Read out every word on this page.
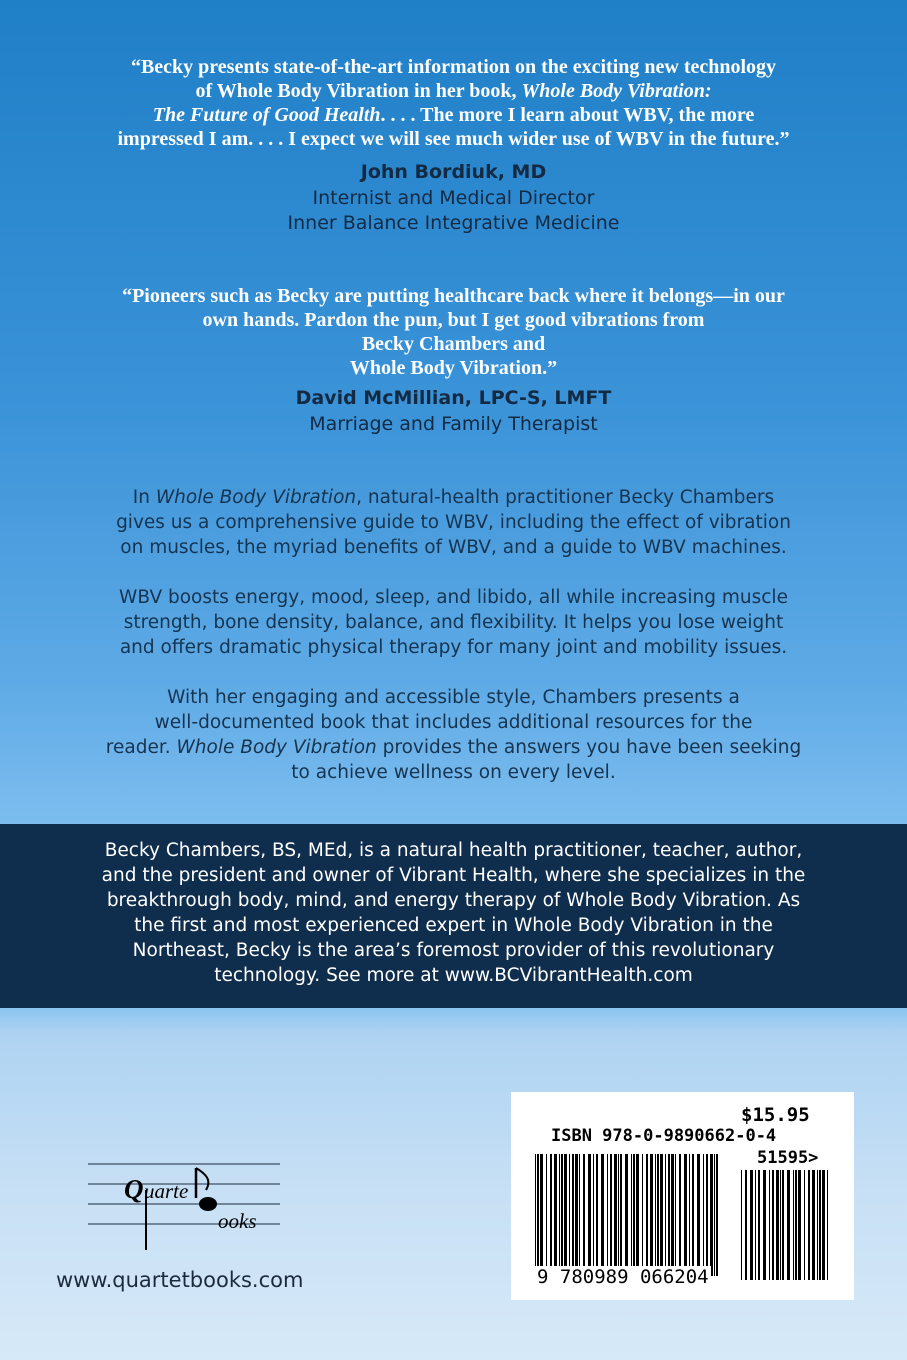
“Becky presents state-of-the-art information on the exciting new technology
of Whole Body Vibration in her book, Whole Body Vibration:
The Future of Good Health. . . . The more I learn about WBV, the more
impressed I am. . . . I expect we will see much wider use of WBV in the future.”
John Bordiuk, MD
Internist and Medical Director
Inner Balance Integrative Medicine
“Pioneers such as Becky are putting healthcare back where it belongs—in our
own hands. Pardon the pun, but I get good vibrations from
Becky Chambers and
Whole Body Vibration.”
David McMillian, LPC-S, LMFT
Marriage and Family Therapist
In Whole Body Vibration, natural-health practitioner Becky Chambers
gives us a comprehensive guide to WBV, including the effect of vibration
on muscles, the myriad benefits of WBV, and a guide to WBV machines.
WBV boosts energy, mood, sleep, and libido, all while increasing muscle
strength, bone density, balance, and flexibility. It helps you lose weight
and offers dramatic physical therapy for many joint and mobility issues.
With her engaging and accessible style, Chambers presents a
well-documented book that includes additional resources for the
reader. Whole Body Vibration provides the answers you have been seeking
to achieve wellness on every level.
Becky Chambers, BS, MEd, is a natural health practitioner, teacher, author,
and the president and owner of Vibrant Health, where she specializes in the
breakthrough body, mind, and energy therapy of Whole Body Vibration. As
the first and most experienced expert in Whole Body Vibration in the
Northeast, Becky is the area’s foremost provider of this revolutionary
technology. See more at www.BCVibrantHealth.com
$15.95
ISBN 978-0-9890662-0-4
51595>
9 780989 066204
Q uarte
ooks
www.quartetbooks.com
